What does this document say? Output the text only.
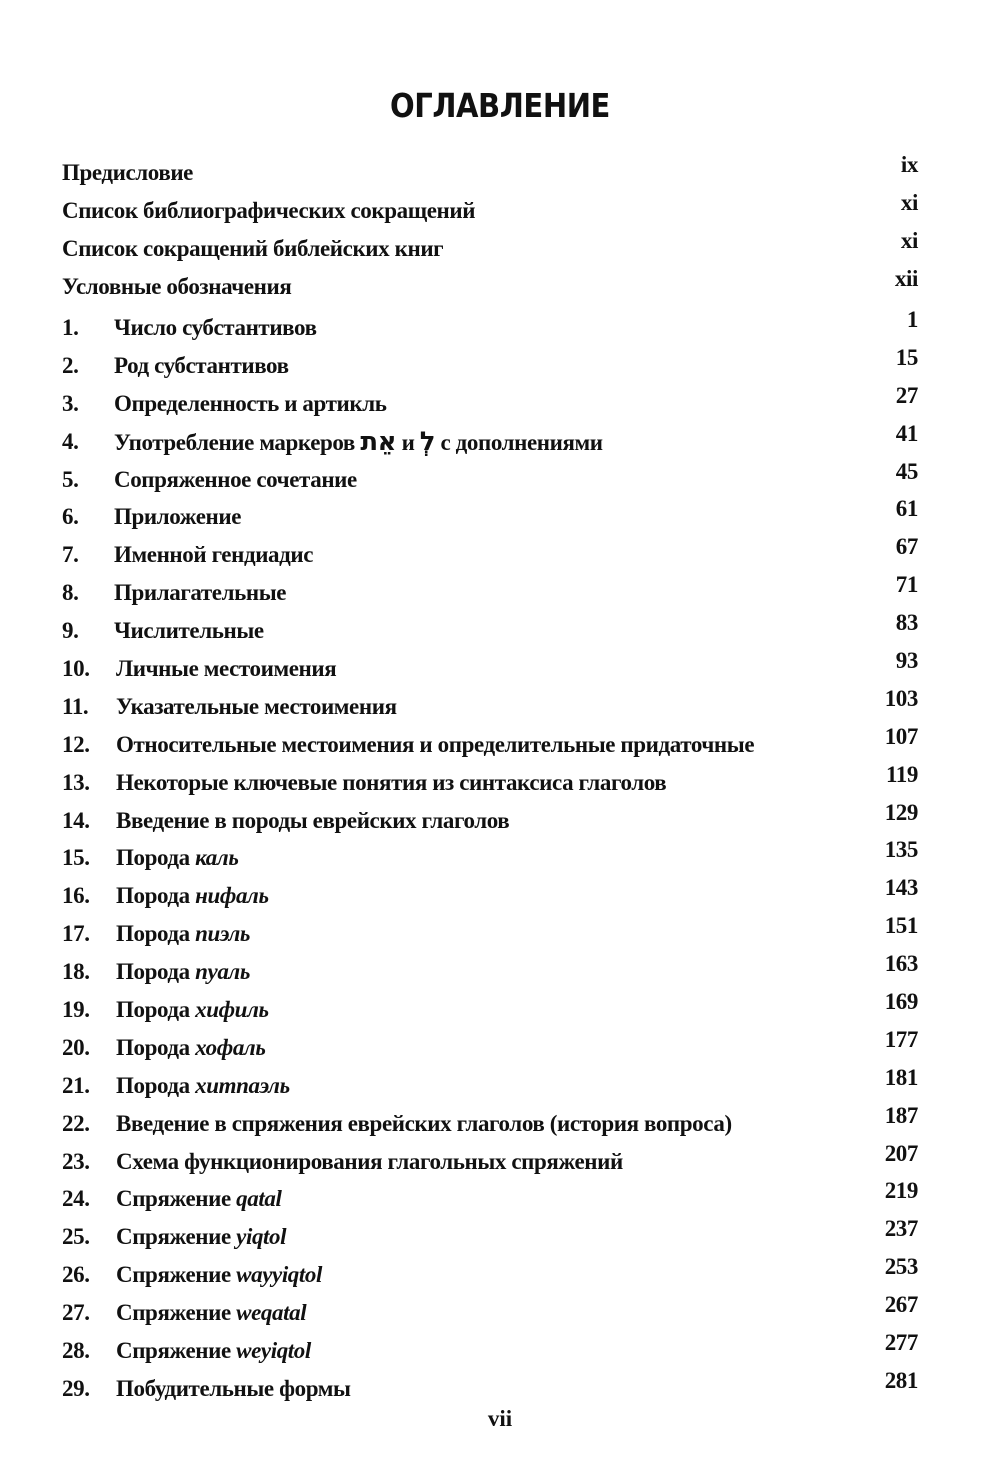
ОГЛАВЛЕНИЕ
Предисловие	ix
Список библиографических сокращений	xi
Список сокращений библейских книг	xi
Условные обозначения	xii
1. Число субстантивов	1
2. Род субстантивов	15
3. Определенность и артикль	27
4. Употребление маркеров אֵת и לְ с дополнениями	41
5. Сопряженное сочетание	45
6. Приложение	61
7. Именной гендиадис	67
8. Прилагательные	71
9. Числительные	83
10. Личные местоимения	93
11. Указательные местоимения	103
12. Относительные местоимения и определительные придаточные	107
13. Некоторые ключевые понятия из синтаксиса глаголов	119
14. Введение в породы еврейских глаголов	129
15. Порода каль	135
16. Порода нифаль	143
17. Порода пиэль	151
18. Порода пуаль	163
19. Порода хифиль	169
20. Порода хофаль	177
21. Порода хитпаэль	181
22. Введение в спряжения еврейских глаголов (история вопроса)	187
23. Схема функционирования глагольных спряжений	207
24. Спряжение qatal	219
25. Спряжение yiqtol	237
26. Спряжение wayyiqtol	253
27. Спряжение weqatal	267
28. Спряжение weyiqtol	277
29. Побудительные формы	281
vii
